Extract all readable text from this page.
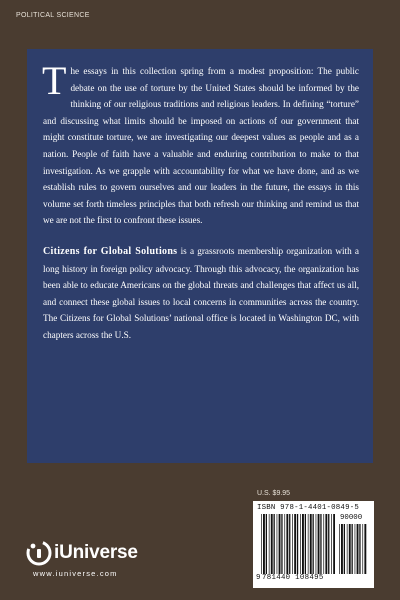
POLITICAL SCIENCE

The essays in this collection spring from a modest proposition: The public debate on the use of torture by the United States should be informed by the thinking of our religious traditions and religious leaders. In defining “torture” and discussing what limits should be imposed on actions of our government that might constitute torture, we are investigating our deepest values as people and as a nation. People of faith have a valuable and enduring contribution to make to that investigation. As we grapple with accountability for what we have done, and as we establish rules to govern ourselves and our leaders in the future, the essays in this volume set forth timeless principles that both refresh our thinking and remind us that we are not the first to confront these issues.

Citizens for Global Solutions is a grassroots membership organization with a long history in foreign policy advocacy. Through this advocacy, the organization has been able to educate Americans on the global threats and challenges that affect us all, and connect these global issues to local concerns in communities across the country. The Citizens for Global Solutions’ national office is located in Washington DC, with chapters across the U.S.

iUniverse
www.iuniverse.com
U.S. $9.95
ISBN 978-1-4401-0849-5
90000
9 781440 108495
